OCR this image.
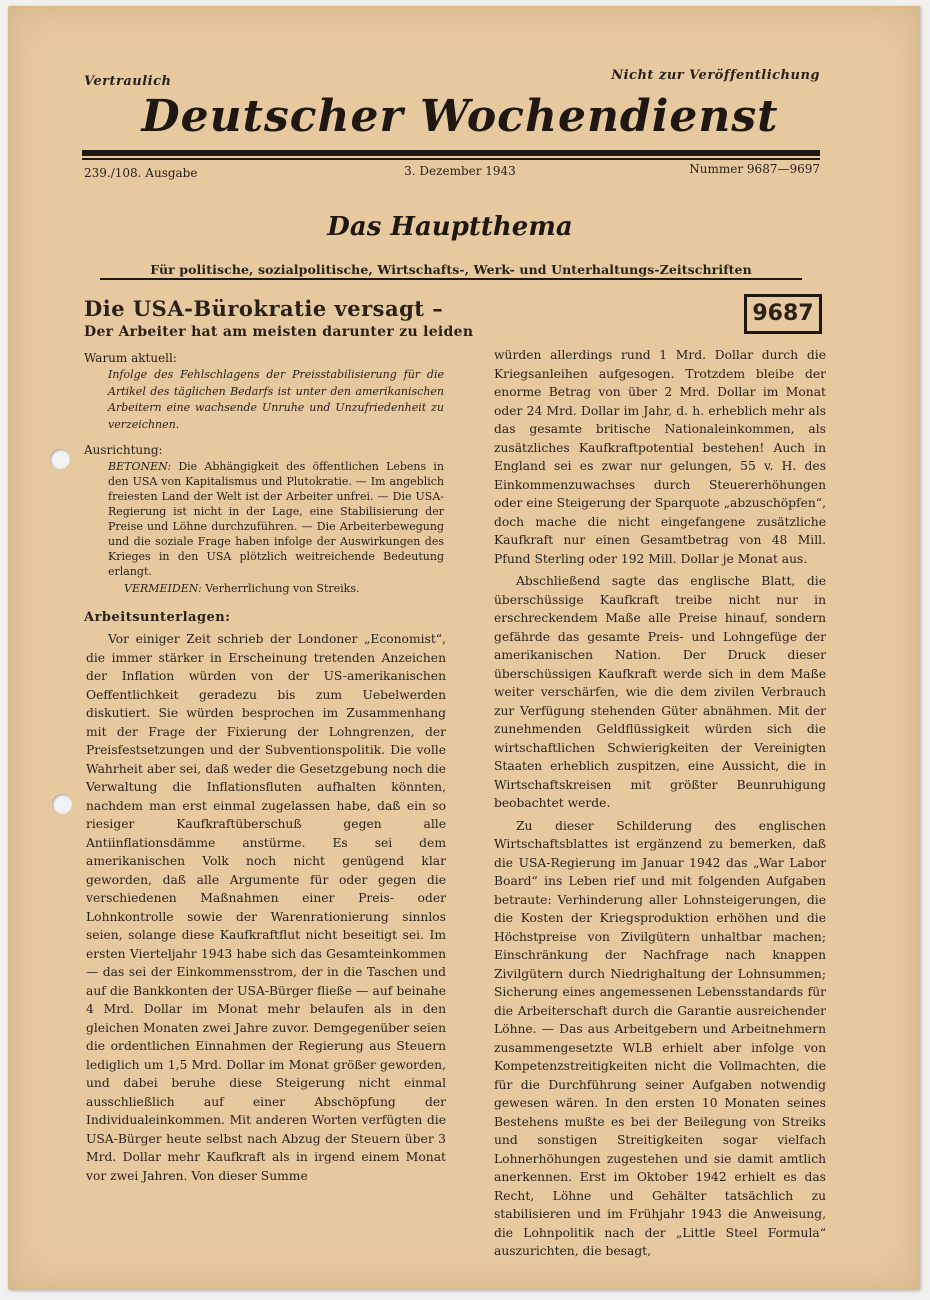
Vertraulich	Nicht zur Veröffentlichung
Deutscher Wochendienst
239./108. Ausgabe	3. Dezember 1943	Nummer 9687—9697
Das Hauptthema
Für politische, sozialpolitische, Wirtschafts-, Werk- und Unterhaltungs-Zeitschriften
Die USA-Bürokratie versagt –
Der Arbeiter hat am meisten darunter zu leiden
9687
Warum aktuell:
Infolge des Fehlschlagens der Preisstabilisierung für die Artikel des täglichen Bedarfs ist unter den amerikanischen Arbeitern eine wachsende Unruhe und Unzufriedenheit zu verzeichnen.
Ausrichtung:
BETONEN: Die Abhängigkeit des öffentlichen Lebens in den USA von Kapitalismus und Plutokratie. — Im angeblich freiesten Land der Welt ist der Arbeiter unfrei. — Die USA-Regierung ist nicht in der Lage, eine Stabilisierung der Preise und Löhne durchzuführen. — Die Arbeiterbewegung und die soziale Frage haben infolge der Auswirkungen des Krieges in den USA plötzlich weitreichende Bedeutung erlangt.
VERMEIDEN: Verherrlichung von Streiks.
Arbeitsunterlagen:

Vor einiger Zeit schrieb der Londoner „Economist“, die immer stärker in Erscheinung tretenden Anzeichen der Inflation würden von der US-amerikanischen Oeffentlichkeit geradezu bis zum Uebelwerden diskutiert. Sie würden besprochen im Zusammenhang mit der Frage der Fixierung der Lohngrenzen, der Preisfestsetzungen und der Subventionspolitik. Die volle Wahrheit aber sei, daß weder die Gesetzgebung noch die Verwaltung die Inflationsfluten aufhalten könnten, nachdem man erst einmal zugelassen habe, daß ein so riesiger Kaufkraftüberschuß gegen alle Antiinflationsdämme anstürme. Es sei dem amerikanischen Volk noch nicht genügend klar geworden, daß alle Argumente für oder gegen die verschiedenen Maßnahmen einer Preis- oder Lohnkontrolle sowie der Warenrationierung sinnlos seien, solange diese Kaufkraftflut nicht beseitigt sei. Im ersten Vierteljahr 1943 habe sich das Gesamteinkommen — das sei der Einkommensstrom, der in die Taschen und auf die Bankkonten der USA-Bürger fließe — auf beinahe 4 Mrd. Dollar im Monat mehr belaufen als in den gleichen Monaten zwei Jahre zuvor. Demgegenüber seien die ordentlichen Einnahmen der Regierung aus Steuern lediglich um 1,5 Mrd. Dollar im Monat größer geworden, und dabei beruhe diese Steigerung nicht einmal ausschließlich auf einer Abschöpfung der Individualeinkommen. Mit anderen Worten verfügten die USA-Bürger heute selbst nach Abzug der Steuern über 3 Mrd. Dollar mehr Kaufkraft als in irgend einem Monat vor zwei Jahren. Von dieser Summe

würden allerdings rund 1 Mrd. Dollar durch die Kriegsanleihen aufgesogen. Trotzdem bleibe der enorme Betrag von über 2 Mrd. Dollar im Monat oder 24 Mrd. Dollar im Jahr, d. h. erheblich mehr als das gesamte britische Nationaleinkommen, als zusätzliches Kaufkraftpotential bestehen! Auch in England sei es zwar nur gelungen, 55 v. H. des Einkommenzuwachses durch Steuererhöhungen oder eine Steigerung der Sparquote „abzuschöpfen“, doch mache die nicht eingefangene zusätzliche Kaufkraft nur einen Gesamtbetrag von 48 Mill. Pfund Sterling oder 192 Mill. Dollar je Monat aus.

Abschließend sagte das englische Blatt, die überschüssige Kaufkraft treibe nicht nur in erschreckendem Maße alle Preise hinauf, sondern gefährde das gesamte Preis- und Lohngefüge der amerikanischen Nation. Der Druck dieser überschüssigen Kaufkraft werde sich in dem Maße weiter verschärfen, wie die dem zivilen Verbrauch zur Verfügung stehenden Güter abnähmen. Mit der zunehmenden Geldflüssigkeit würden sich die wirtschaftlichen Schwierigkeiten der Vereinigten Staaten erheblich zuspitzen, eine Aussicht, die in Wirtschaftskreisen mit größter Beunruhigung beobachtet werde.

Zu dieser Schilderung des englischen Wirtschaftsblattes ist ergänzend zu bemerken, daß die USA-Regierung im Januar 1942 das „War Labor Board“ ins Leben rief und mit folgenden Aufgaben betraute: Verhinderung aller Lohnsteigerungen, die die Kosten der Kriegsproduktion erhöhen und die Höchstpreise von Zivilgütern unhaltbar machen; Einschränkung der Nachfrage nach knappen Zivilgütern durch Niedrighaltung der Lohnsummen; Sicherung eines angemessenen Lebensstandards für die Arbeiterschaft durch die Garantie ausreichender Löhne. — Das aus Arbeitgebern und Arbeitnehmern zusammengesetzte WLB erhielt aber infolge von Kompetenzstreitigkeiten nicht die Vollmachten, die für die Durchführung seiner Aufgaben notwendig gewesen wären. In den ersten 10 Monaten seines Bestehens mußte es bei der Beilegung von Streiks und sonstigen Streitigkeiten sogar vielfach Lohnerhöhungen zugestehen und sie damit amtlich anerkennen. Erst im Oktober 1942 erhielt es das Recht, Löhne und Gehälter tatsächlich zu stabilisieren und im Frühjahr 1943 die Anweisung, die Lohnpolitik nach der „Little Steel Formula“ auszurichten, die besagt,
